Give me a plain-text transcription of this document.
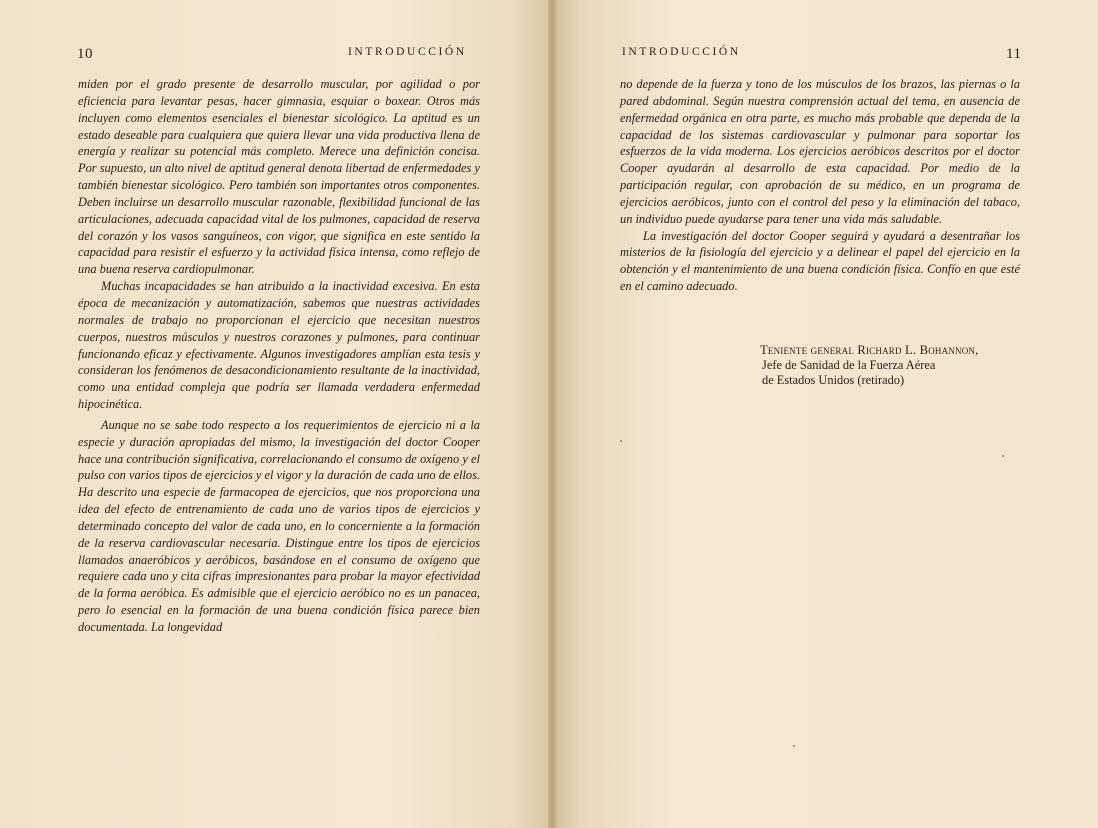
10	INTRODUCCIÓN

miden por el grado presente de desarrollo muscular, por agilidad o por eficiencia para levantar pesas, hacer gimnasia, esquiar o boxear. Otros más incluyen como elementos esenciales el bienestar sicológico. La aptitud es un estado deseable para cualquiera que quiera llevar una vida productiva llena de energía y realizar su potencial más completo. Merece una definición concisa. Por supuesto, un alto nivel de aptitud general denota libertad de enfermedades y también bienestar sicológico. Pero también son importantes otros componentes. Deben incluirse un desarrollo muscular razonable, flexibilidad funcional de las articulaciones, adecuada capacidad vital de los pulmones, capacidad de reserva del corazón y los vasos sanguíneos, con vigor, que significa en este sentido la capacidad para resistir el esfuerzo y la actividad física intensa, como reflejo de una buena reserva cardiopulmonar.

Muchas incapacidades se han atribuido a la inactividad excesiva. En esta época de mecanización y automatización, sabemos que nuestras actividades normales de trabajo no proporcionan el ejercicio que necesitan nuestros cuerpos, nuestros músculos y nuestros corazones y pulmones, para continuar funcionando eficaz y efectivamente. Algunos investigadores amplían esta tesis y consideran los fenómenos de desacondicionamiento resultante de la inactividad, como una entidad compleja que podría ser llamada verdadera enfermedad hipocinética.

Aunque no se sabe todo respecto a los requerimientos de ejercicio ni a la especie y duración apropiadas del mismo, la investigación del doctor Cooper hace una contribución significativa, correlacionando el consumo de oxígeno y el pulso con varios tipos de ejercicios y el vigor y la duración de cada uno de ellos. Ha descrito una especie de farmacopea de ejercicios, que nos proporciona una idea del efecto de entrenamiento de cada uno de varios tipos de ejercicios y determinado concepto del valor de cada uno, en lo concerniente a la formación de la reserva cardiovascular necesaria. Distingue entre los tipos de ejercicios llamados anaeróbicos y aeróbicos, basándose en el consumo de oxígeno que requiere cada uno y cita cifras impresionantes para probar la mayor efectividad de la forma aeróbica. Es admisible que el ejercicio aeróbico no es un panacea, pero lo esencial en la formación de una buena condición física parece bien documentada. La longevidad

INTRODUCCIÓN	11

no depende de la fuerza y tono de los músculos de los brazos, las piernas o la pared abdominal. Según nuestra comprensión actual del tema, en ausencia de enfermedad orgánica en otra parte, es mucho más probable que dependa de la capacidad de los sistemas cardiovascular y pulmonar para soportar los esfuerzos de la vida moderna. Los ejercicios aeróbicos descritos por el doctor Cooper ayudarán al desarrollo de esta capacidad. Por medio de la participación regular, con aprobación de su médico, en un programa de ejercicios aeróbicos, junto con el control del peso y la eliminación del tabaco, un individuo puede ayudarse para tener una vida más saludable.

La investigación del doctor Cooper seguirá y ayudará a desentrañar los misterios de la fisiología del ejercicio y a delinear el papel del ejercicio en la obtención y el mantenimiento de una buena condición física. Confío en que esté en el camino adecuado.

Teniente general Richard L. Bohannon,
Jefe de Sanidad de la Fuerza Aérea
de Estados Unidos (retirado)
